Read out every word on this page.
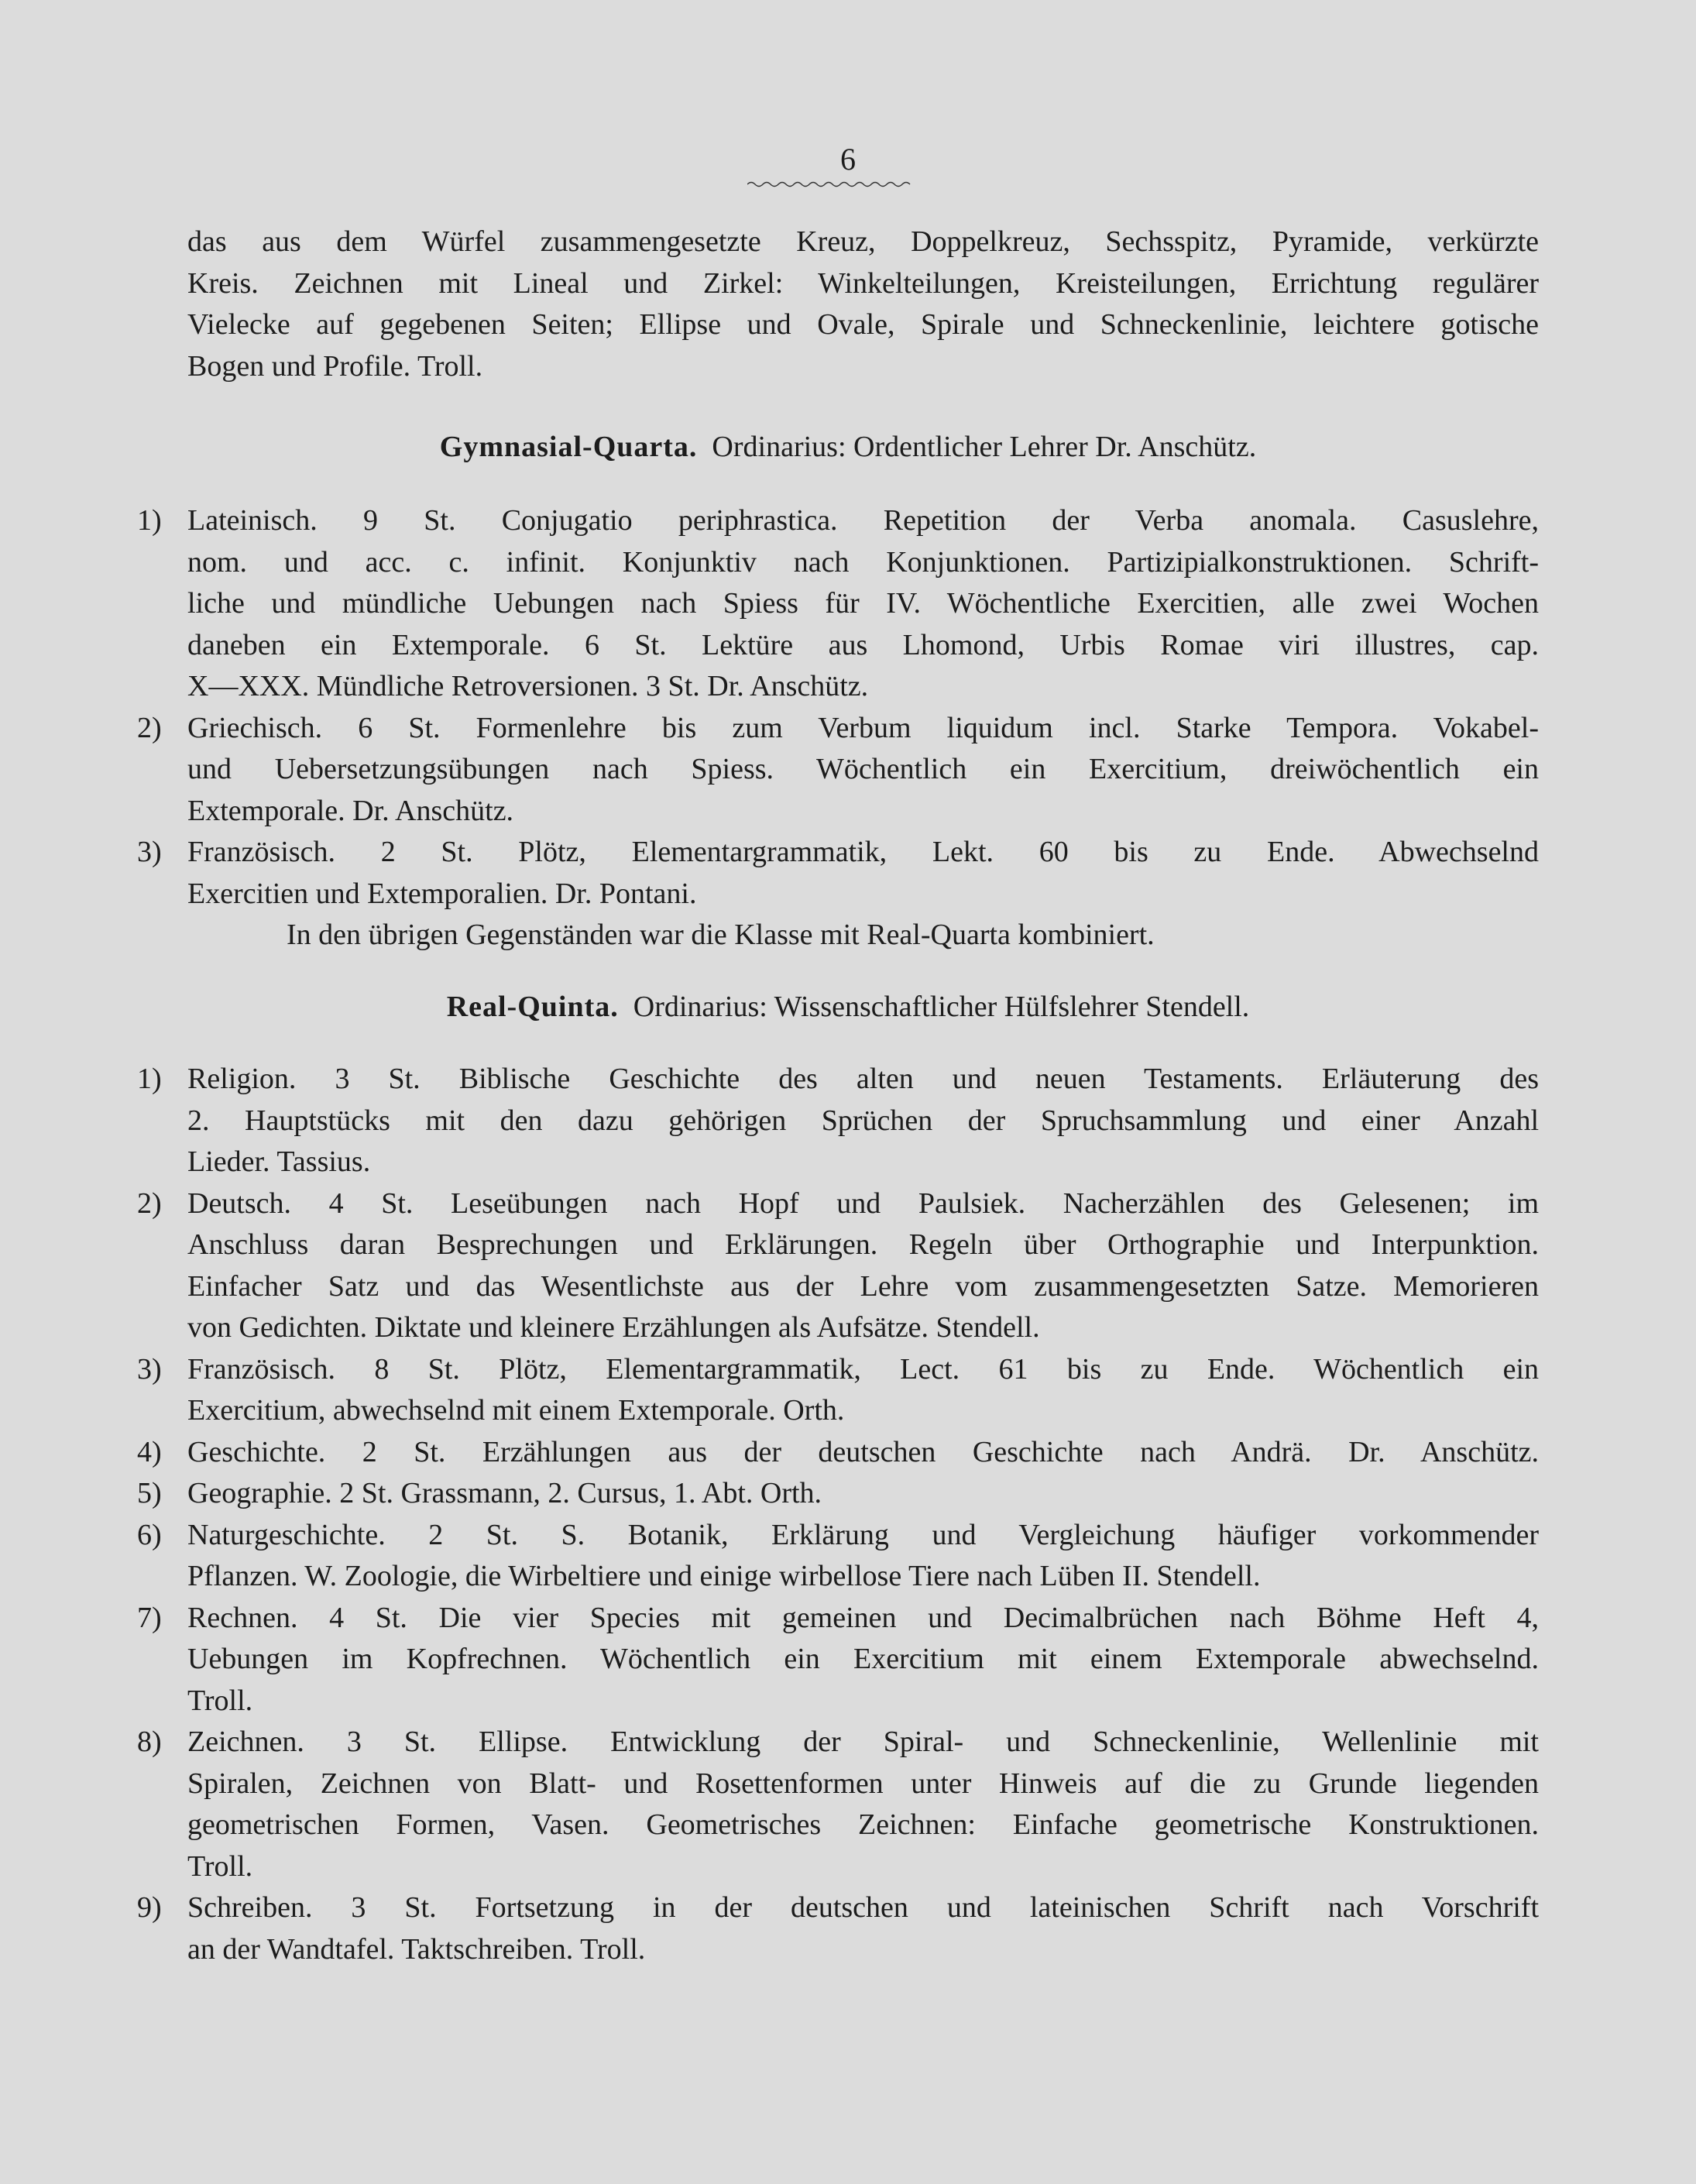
6

das aus dem Würfel zusammengesetzte Kreuz, Doppelkreuz, Sechsspitz, Pyramide, verkürzte

Kreis. Zeichnen mit Lineal und Zirkel: Winkelteilungen, Kreisteilungen, Errichtung regulärer

Vielecke auf gegebenen Seiten; Ellipse und Ovale, Spirale und Schneckenlinie, leichtere gotische

Bogen und Profile. Troll.

Gymnasial-Quarta. Ordinarius: Ordentlicher Lehrer Dr. Anschütz.
1) Lateinisch. 9 St. Conjugatio periphrastica. Repetition der Verba anomala. Casuslehre,

nom. und acc. c. infinit. Konjunktiv nach Konjunktionen. Partizipialkonstruktionen. Schrift-

liche und mündliche Uebungen nach Spiess für IV. Wöchentliche Exercitien, alle zwei Wochen

daneben ein Extemporale. 6 St. Lektüre aus Lhomond, Urbis Romae viri illustres, cap.

X—XXX. Mündliche Retroversionen. 3 St. Dr. Anschütz.

2) Griechisch. 6 St. Formenlehre bis zum Verbum liquidum incl. Starke Tempora. Vokabel-

und Uebersetzungsübungen nach Spiess. Wöchentlich ein Exercitium, dreiwöchentlich ein

Extemporale. Dr. Anschütz.

3) Französisch. 2 St. Plötz, Elementargrammatik, Lekt. 60 bis zu Ende. Abwechselnd

Exercitien und Extemporalien. Dr. Pontani.

In den übrigen Gegenständen war die Klasse mit Real-Quarta kombiniert.

Real-Quinta. Ordinarius: Wissenschaftlicher Hülfslehrer Stendell.
1) Religion. 3 St. Biblische Geschichte des alten und neuen Testaments. Erläuterung des

2. Hauptstücks mit den dazu gehörigen Sprüchen der Spruchsammlung und einer Anzahl

Lieder. Tassius.

2) Deutsch. 4 St. Leseübungen nach Hopf und Paulsiek. Nacherzählen des Gelesenen; im

Anschluss daran Besprechungen und Erklärungen. Regeln über Orthographie und Interpunktion.

Einfacher Satz und das Wesentlichste aus der Lehre vom zusammengesetzten Satze. Memorieren

von Gedichten. Diktate und kleinere Erzählungen als Aufsätze. Stendell.

3) Französisch. 8 St. Plötz, Elementargrammatik, Lect. 61 bis zu Ende. Wöchentlich ein

Exercitium, abwechselnd mit einem Extemporale. Orth.

4) Geschichte. 2 St. Erzählungen aus der deutschen Geschichte nach Andrä. Dr. Anschütz.

5) Geographie. 2 St. Grassmann, 2. Cursus, 1. Abt. Orth.

6) Naturgeschichte. 2 St. S. Botanik, Erklärung und Vergleichung häufiger vorkommender

Pflanzen. W. Zoologie, die Wirbeltiere und einige wirbellose Tiere nach Lüben II. Stendell.

7) Rechnen. 4 St. Die vier Species mit gemeinen und Decimalbrüchen nach Böhme Heft 4,

Uebungen im Kopfrechnen. Wöchentlich ein Exercitium mit einem Extemporale abwechselnd.

Troll.

8) Zeichnen. 3 St. Ellipse. Entwicklung der Spiral- und Schneckenlinie, Wellenlinie mit

Spiralen, Zeichnen von Blatt- und Rosettenformen unter Hinweis auf die zu Grunde liegenden

geometrischen Formen, Vasen. Geometrisches Zeichnen: Einfache geometrische Konstruktionen.

Troll.

9) Schreiben. 3 St. Fortsetzung in der deutschen und lateinischen Schrift nach Vorschrift

an der Wandtafel. Taktschreiben. Troll.
